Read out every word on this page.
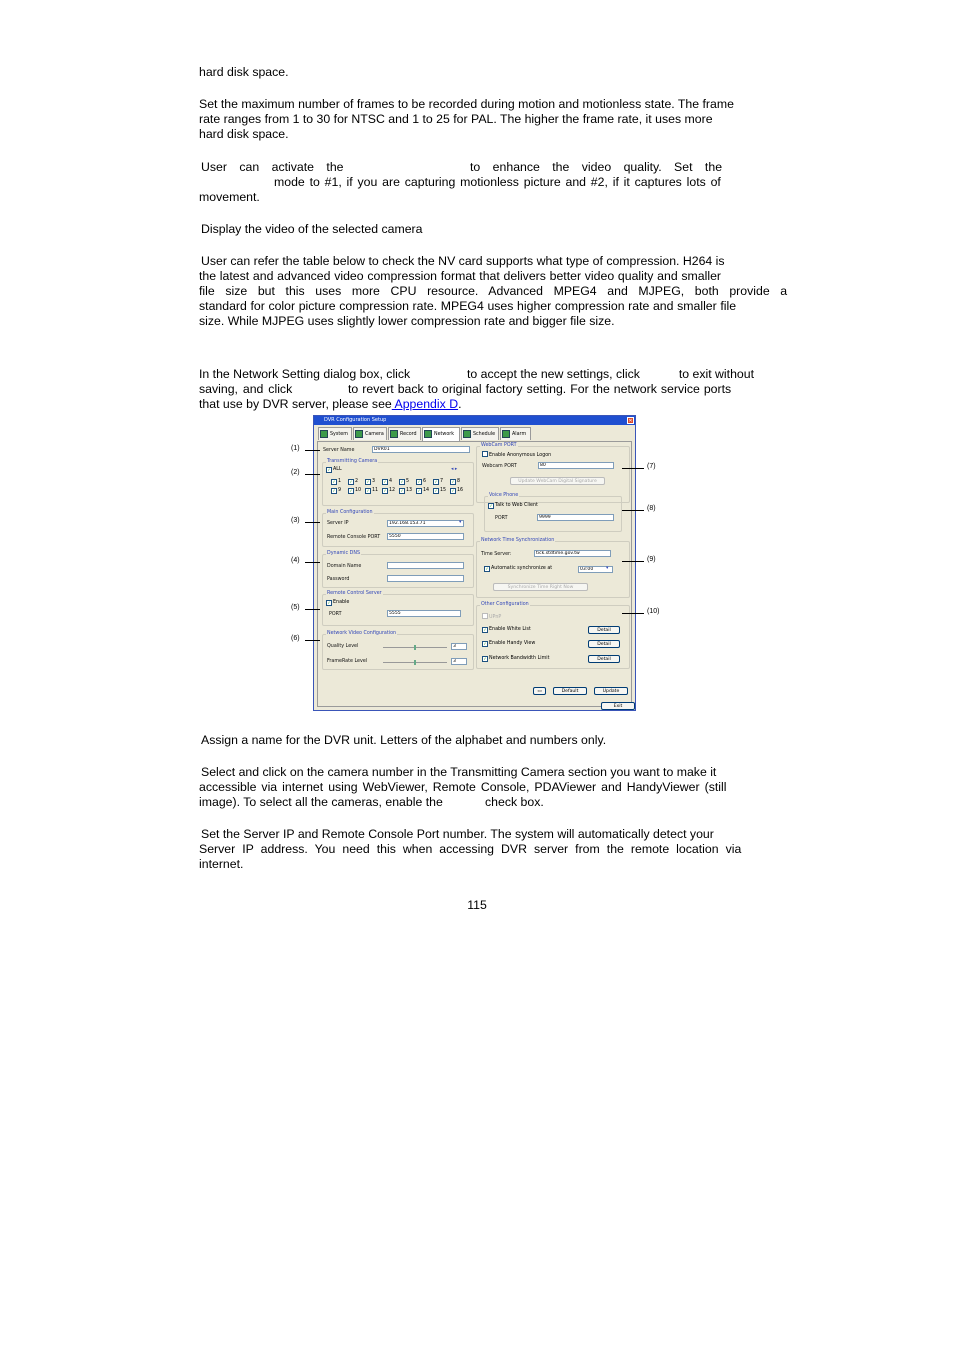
hard disk space.

Set the maximum number of frames to be recorded during motion and motionless state. The frame
rate ranges from 1 to 30 for NTSC and 1 to 25 for PAL. The higher the frame rate, it uses more
hard disk space.
User can activate the	to enhance the video quality. Set the
mode to #1, if you are capturing motionless picture and #2, if it captures lots of
movement.

Display the video of the selected camera

User can refer the table below to check the NV card supports what type of compression. H264 is
the latest and advanced video compression format that delivers better video quality and smaller
file size but this uses more CPU resource. Advanced MPEG4 and MJPEG, both provide a
standard for color picture compression rate. MPEG4 uses higher compression rate and smaller file
size. While MJPEG uses slightly lower compression rate and bigger file size.
In the Network Setting dialog box, click	to accept the new settings, click	to exit without
saving, and click	to revert back to original factory setting. For the network service ports
that use by DVR server, please see Appendix D.
DVR Configuration Setup	✕
System	Camera	Record	Network	Schedule	Alarm
Server Name	DVR01
Transmitting Camera
✓ ALL	◂ ▸
✓ 1	✓ 2	✓ 3	✓ 4	✓ 5	✓ 6	✓ 7	✓ 8
✓ 9	✓ 10	✓ 11	✓ 12	✓ 13	✓ 14	✓ 15	✓ 16
Main Configuration
Server IP	192.168.153.71	▾
Remote Console PORT	5550
Dynamic DNS
Domain Name
Password
Remote Control Server
✓ Enable
PORT	5555
Network Video Configuration
Quality Level	3
FrameRate Level	3
WebCam PORT
Enable Anonymous Logon
Webcam PORT	80
Update WebCam Digital Signature
Voice Phone
✓ Talk to Web Client
PORT	9999
Network Time Synchronization
Time Server:	tick.stdtime.gov.tw
✓ Automatic synchronize at	03:00	▾
Synchronize Time Right Now
Other Configuration
UPnP
✓ Enable White List	Detail
✓ Enable Handy View	Detail
✓ Network Bandwidth Limit	Detail
▭	Default	Update
Exit
(1)
(2)
(3)
(4)
(5)
(6)
(7)
(8)
(9)
(10)

Assign a name for the DVR unit. Letters of the alphabet and numbers only.

Select and click on the camera number in the Transmitting Camera section you want to make it
accessible via internet using WebViewer, Remote Console, PDAViewer and HandyViewer (still
image). To select all the cameras, enable the	check box.
Set the Server IP and Remote Console Port number. The system will automatically detect your
Server IP address. You need this when accessing DVR server from the remote location via
internet.
115
